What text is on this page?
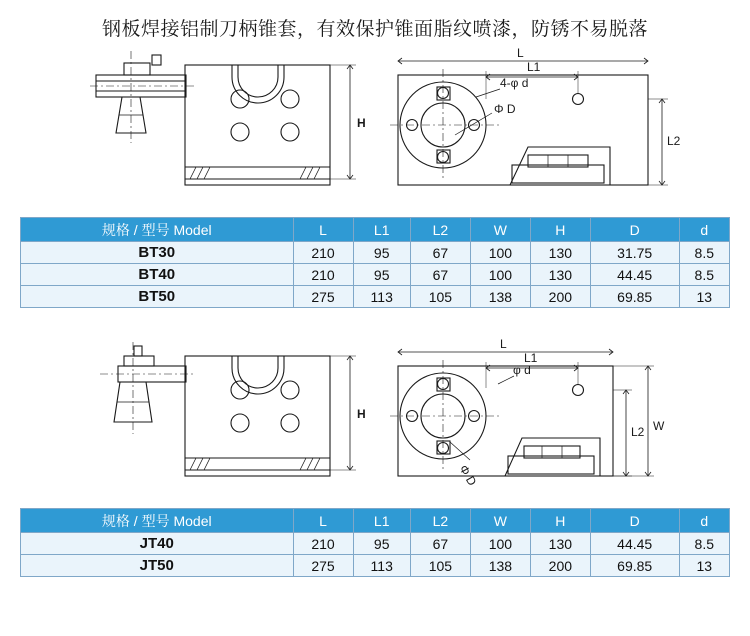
钢板焊接铝制刀柄锥套，有效保护锥面脂纹喷漆，防锈不易脱落
H
L
L1
L2
Φ D
4-φ d
规格 / 型号 Model	L	L1	L2	W	H	D	d
BT30	210	95	67	100	130	31.75	8.5
BT40	210	95	67	100	130	44.45	8.5
BT50	275	113	105	138	200	69.85	13
H
L
L1
L2 W
Φ D
φ d
规格 / 型号 Model	L	L1	L2	W	H	D	d
JT40	210	95	67	100	130	44.45	8.5
JT50	275	113	105	138	200	69.85	13
